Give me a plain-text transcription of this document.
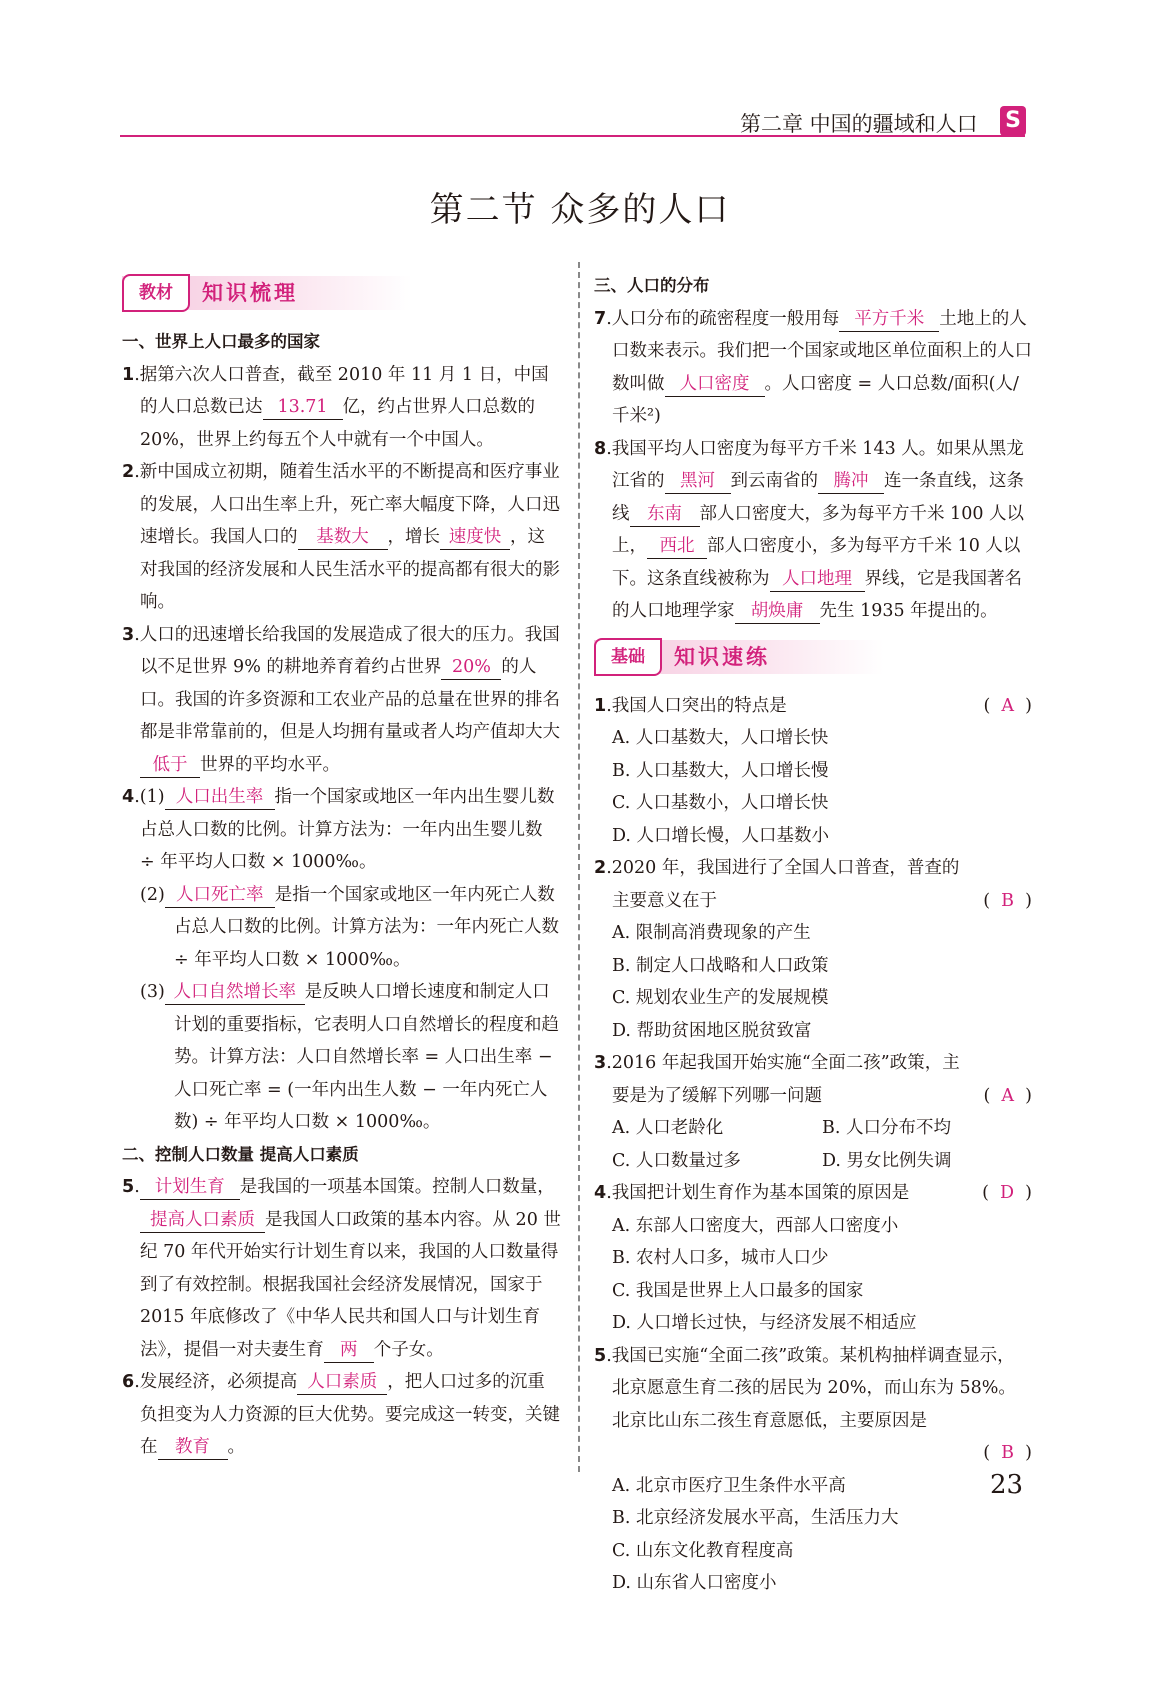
第二章 中国的疆域和人口 S
第二节 众多的人口
教材	知识梳理
一、世界上人口最多的国家
1.据第六次人口普查，截至 2010 年 11 月 1 日，中国的人口总数已达 13.71 亿，约占世界人口总数的 20%，世界上约每五个人中就有一个中国人。
2.新中国成立初期，随着生活水平的不断提高和医疗事业的发展，人口出生率上升，死亡率大幅度下降，人口迅速增长。我国人口的 基数大 ，增长 速度快 ，这对我国的经济发展和人民生活水平的提高都有很大的影响。
3.人口的迅速增长给我国的发展造成了很大的压力。我国以不足世界 9% 的耕地养育着约占世界 20% 的人口。我国的许多资源和工农业产品的总量在世界的排名都是非常靠前的，但是人均拥有量或者人均产值却大大低于 世界的平均水平。
4.(1) 人口出生率 指一个国家或地区一年内出生婴儿数占总人口数的比例。计算方法为：一年内出生婴儿数 ÷ 年平均人口数 × 1000‰。
(2) 人口死亡率 是指一个国家或地区一年内死亡人数占总人口数的比例。计算方法为：一年内死亡人数 ÷ 年平均人口数 × 1000‰。
(3) 人口自然增长率 是反映人口增长速度和制定人口计划的重要指标，它表明人口自然增长的程度和趋势。计算方法：人口自然增长率 = 人口出生率 − 人口死亡率 = (一年内出生人数 − 一年内死亡人数) ÷ 年平均人口数 × 1000‰。
二、控制人口数量 提高人口素质
5. 计划生育 是我国的一项基本国策。控制人口数量，提高人口素质 是我国人口政策的基本内容。从 20 世纪 70 年代开始实行计划生育以来，我国的人口数量得到了有效控制。根据我国社会经济发展情况，国家于 2015 年底修改了《中华人民共和国人口与计划生育法》，提倡一对夫妻生育 两 个子女。
6.发展经济，必须提高 人口素质 ，把人口过多的沉重负担变为人力资源的巨大优势。要完成这一转变，关键在 教育 。
三、人口的分布
7.人口分布的疏密程度一般用每 平方千米 土地上的人口数来表示。我们把一个国家或地区单位面积上的人口数叫做 人口密度 。人口密度 = 人口总数/面积(人/千米²)
8.我国平均人口密度为每平方千米 143 人。如果从黑龙江省的 黑河 到云南省的 腾冲 连一条直线，这条线 东南 部人口密度大，多为每平方千米 100 人以上， 西北 部人口密度小，多为每平方千米 10 人以下。这条直线被称为 人口地理 界线，它是我国著名的人口地理学家 胡焕庸 先生 1935 年提出的。
基础	知识速练
1.我国人口突出的特点是	(  A  )
A. 人口基数大，人口增长快
B. 人口基数大，人口增长慢
C. 人口基数小，人口增长快
D. 人口增长慢，人口基数小
2.2020 年，我国进行了全国人口普查，普查的主要意义在于	(  B  )
A. 限制高消费现象的产生
B. 制定人口战略和人口政策
C. 规划农业生产的发展规模
D. 帮助贫困地区脱贫致富
3.2016 年起我国开始实施“全面二孩”政策，主要是为了缓解下列哪一问题	(  A  )
A. 人口老龄化	B. 人口分布不均
C. 人口数量过多	D. 男女比例失调
4.我国把计划生育作为基本国策的原因是	(  D  )
A. 东部人口密度大，西部人口密度小
B. 农村人口多，城市人口少
C. 我国是世界上人口最多的国家
D. 人口增长过快，与经济发展不相适应
5.我国已实施“全面二孩”政策。某机构抽样调查显示，北京愿意生育二孩的居民为 20%，而山东为 58%。北京比山东二孩生育意愿低，主要原因是
(  B  )
A. 北京市医疗卫生条件水平高
B. 北京经济发展水平高，生活压力大
C. 山东文化教育程度高
D. 山东省人口密度小
23
